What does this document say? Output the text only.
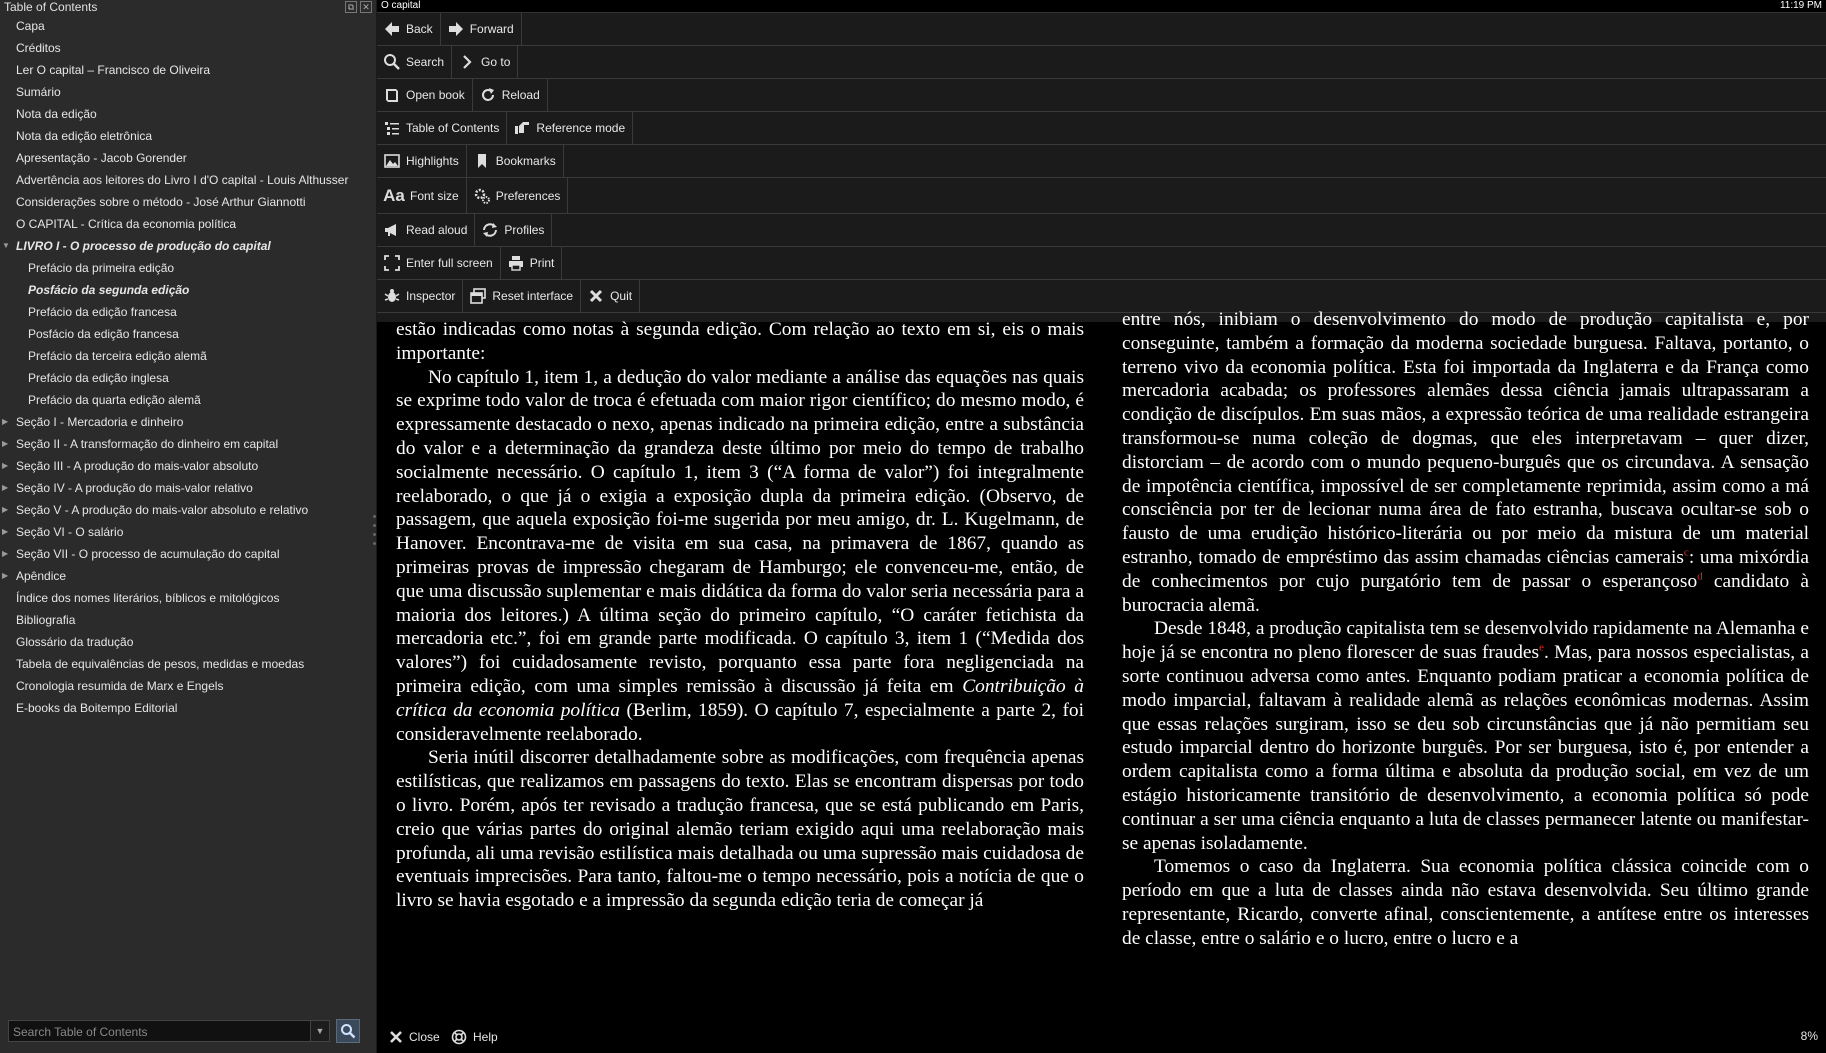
Table of Contents	⧉ ✕
Capa
Créditos
Ler O capital – Francisco de Oliveira
Sumário
Nota da edição
Nota da edição eletrônica
Apresentação - Jacob Gorender
Advertência aos leitores do Livro I d'O capital - Louis Althusser
Considerações sobre o método - José Arthur Giannotti
O CAPITAL - Crítica da economia política
▼ LIVRO I - O processo de produção do capital
Prefácio da primeira edição
Posfácio da segunda edição
Prefácio da edição francesa
Posfácio da edição francesa
Prefácio da terceira edição alemã
Prefácio da edição inglesa
Prefácio da quarta edição alemã
▶ Seção I - Mercadoria e dinheiro
▶ Seção II - A transformação do dinheiro em capital
▶ Seção III - A produção do mais-valor absoluto
▶ Seção IV - A produção do mais-valor relativo
▶ Seção V - A produção do mais-valor absoluto e relativo
▶ Seção VI - O salário
▶ Seção VII - O processo de acumulação do capital
▶ Apêndice
Índice dos nomes literários, bíblicos e mitológicos
Bibliografia
Glossário da tradução
Tabela de equivalências de pesos, medidas e moedas
Cronologia resumida de Marx e Engels
E-books da Boitempo Editorial
Search Table of Contents	▼
O capital	11:19 PM
Back	Forward
Search	Go to
Open book	Reload
Table of Contents	Reference mode
Highlights	Bookmarks
Aa Font size	Preferences
Read aloud	Profiles
Enter full screen	Print
Inspector	Reset interface	Quit

estão indicadas como notas à segunda edição. Com relação ao texto em si, eis o mais importante:

No capítulo 1, item 1, a dedução do valor mediante a análise das equações nas quais se exprime todo valor de troca é efetuada com maior rigor científico; do mesmo modo, é expressamente destacado o nexo, apenas indicado na primeira edição, entre a substância do valor e a determinação da grandeza deste último por meio do tempo de trabalho socialmente necessário. O capítulo 1, item 3 (“A forma de valor”) foi integralmente reelaborado, o que já o exigia a exposição dupla da primeira edição. (Observo, de passagem, que aquela exposição foi-me sugerida por meu amigo, dr. L. Kugelmann, de Hanover. Encontrava-me de visita em sua casa, na primavera de 1867, quando as primeiras provas de impressão chegaram de Hamburgo; ele convenceu-me, então, de que uma discussão suplementar e mais didática da forma do valor seria necessária para a maioria dos leitores.) A última seção do primeiro capítulo, “O caráter fetichista da mercadoria etc.”, foi em grande parte modificada. O capítulo 3, item 1 (“Medida dos valores”) foi cuidadosamente revisto, porquanto essa parte fora negligenciada na primeira edição, com uma simples remissão à discussão já feita em Contribuição à crítica da economia política (Berlim, 1859). O capítulo 7, especialmente a parte 2, foi consideravelmente reelaborado.

Seria inútil discorrer detalhadamente sobre as modificações, com frequência apenas estilísticas, que realizamos em passagens do texto. Elas se encontram dispersas por todo o livro. Porém, após ter revisado a tradução francesa, que se está publicando em Paris, creio que várias partes do original alemão teriam exigido aqui uma reelaboração mais profunda, ali uma revisão estilística mais detalhada ou uma supressão mais cuidadosa de eventuais imprecisões. Para tanto, faltou-me o tempo necessário, pois a notícia de que o livro se havia esgotado e a impressão da segunda edição teria de começar já

entre nós, inibiam o desenvolvimento do modo de produção capitalista e, por conseguinte, também a formação da moderna sociedade burguesa. Faltava, portanto, o terreno vivo da economia política. Esta foi importada da Inglaterra e da França como mercadoria acabada; os professores alemães dessa ciência jamais ultrapassaram a condição de discípulos. Em suas mãos, a expressão teórica de uma realidade estrangeira transformou-se numa coleção de dogmas, que eles interpretavam – quer dizer, distorciam – de acordo com o mundo pequeno-burguês que os circundava. A sensação de impotência científica, impossível de ser completamente reprimida, assim como a má consciência por ter de lecionar numa área de fato estranha, buscava ocultar-se sob o fausto de uma erudição histórico-literária ou por meio da mistura de um material estranho, tomado de empréstimo das assim chamadas ciências camerais$^c$: uma mixórdia de conhecimentos por cujo purgatório tem de passar o esperançoso$^d$ candidato à burocracia alemã.

Desde 1848, a produção capitalista tem se desenvolvido rapidamente na Alemanha e hoje já se encontra no pleno florescer de suas fraudes$^e$. Mas, para nossos especialistas, a sorte continuou adversa como antes. Enquanto podiam praticar a economia política de modo imparcial, faltavam à realidade alemã as relações econômicas modernas. Assim que essas relações surgiram, isso se deu sob circunstâncias que já não permitiam seu estudo imparcial dentro do horizonte burguês. Por ser burguesa, isto é, por entender a ordem capitalista como a forma última e absoluta da produção social, em vez de um estágio historicamente transitório de desenvolvimento, a economia política só pode continuar a ser uma ciência enquanto a luta de classes permanecer latente ou manifestar-se apenas isoladamente.

Tomemos o caso da Inglaterra. Sua economia política clássica coincide com o período em que a luta de classes ainda não estava desenvolvida. Seu último grande representante, Ricardo, converte afinal, conscientemente, a antítese entre os interesses de classe, entre o salário e o lucro, entre o lucro e a

Close	Help	8%
